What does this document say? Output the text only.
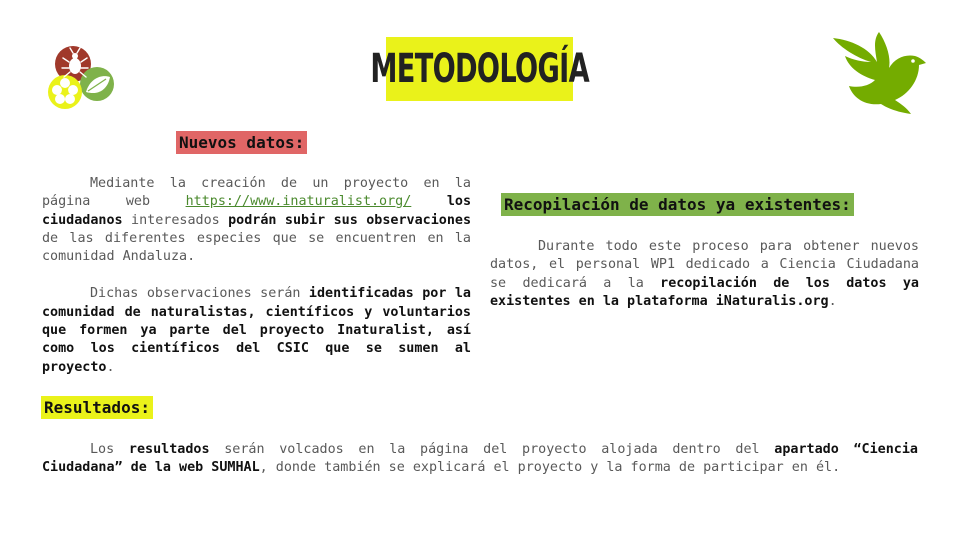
METODOLOGÍA
Nuevos datos:

Mediante la creación de un proyecto en la página web https://www.inaturalist.org/	los ciudadanos interesados podrán subir sus observaciones de las diferentes especies que se encuentren en la comunidad Andaluza.

Dichas observaciones serán identificadas por la comunidad de naturalistas, científicos y voluntarios que formen ya parte del proyecto Inaturalist, así como los científicos del CSIC que se sumen al proyecto.

Recopilación de datos ya existentes:

Durante todo este proceso para obtener nuevos datos, el personal WP1 dedicado a Ciencia Ciudadana se dedicará a la recopilación de los datos ya existentes en la plataforma iNaturalis.org.

Resultados:

Los resultados serán volcados en la página del proyecto alojada dentro del apartado “Ciencia Ciudadana” de la web SUMHAL, donde también se explicará el proyecto y la forma de participar en él.
